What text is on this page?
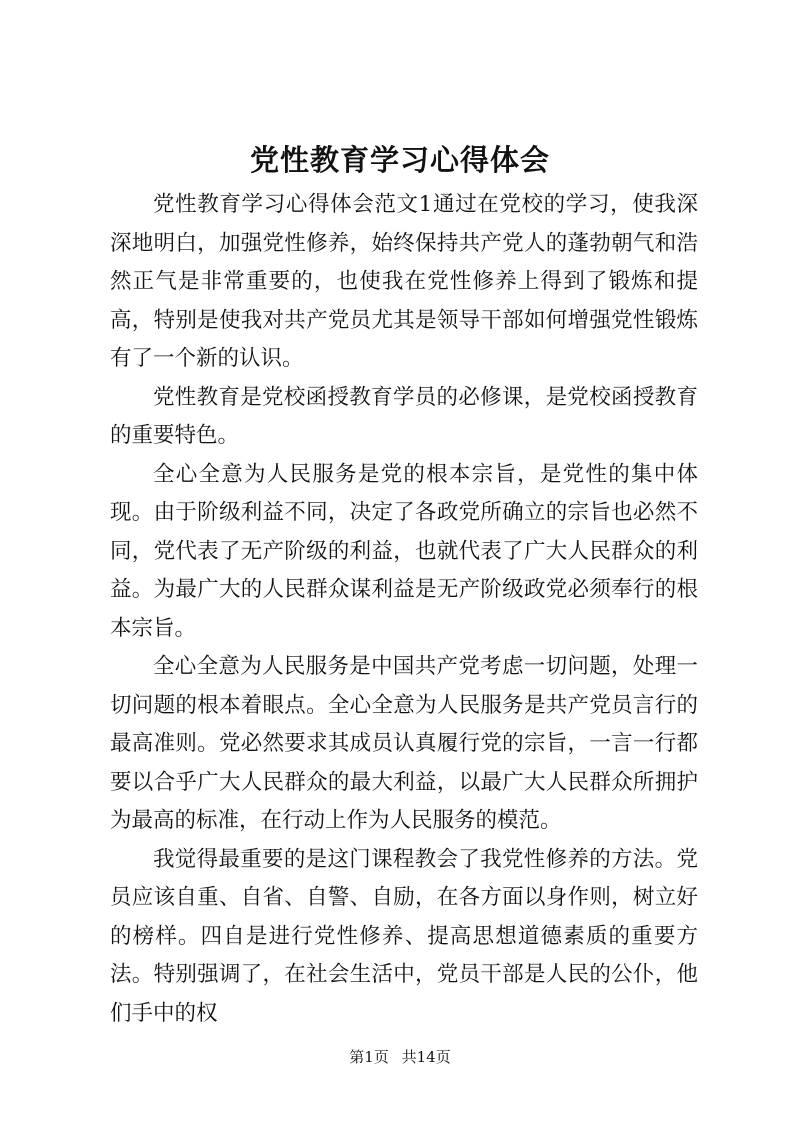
党性教育学习心得体会

党性教育学习心得体会范文1通过在党校的学习，使我深深地明白，加强党性修养，始终保持共产党人的蓬勃朝气和浩然正气是非常重要的，也使我在党性修养上得到了锻炼和提高，特别是使我对共产党员尤其是领导干部如何增强党性锻炼有了一个新的认识。

党性教育是党校函授教育学员的必修课，是党校函授教育的重要特色。

全心全意为人民服务是党的根本宗旨，是党性的集中体现。由于阶级利益不同，决定了各政党所确立的宗旨也必然不同，党代表了无产阶级的利益，也就代表了广大人民群众的利益。为最广大的人民群众谋利益是无产阶级政党必须奉行的根本宗旨。

全心全意为人民服务是中国共产党考虑一切问题，处理一切问题的根本着眼点。全心全意为人民服务是共产党员言行的最高准则。党必然要求其成员认真履行党的宗旨，一言一行都要以合乎广大人民群众的最大利益，以最广大人民群众所拥护为最高的标准，在行动上作为人民服务的模范。

我觉得最重要的是这门课程教会了我党性修养的方法。党员应该自重、自省、自警、自励，在各方面以身作则，树立好的榜样。四自是进行党性修养、提高思想道德素质的重要方法。特别强调了，在社会生活中，党员干部是人民的公仆，他们手中的权

第1页 共14页
